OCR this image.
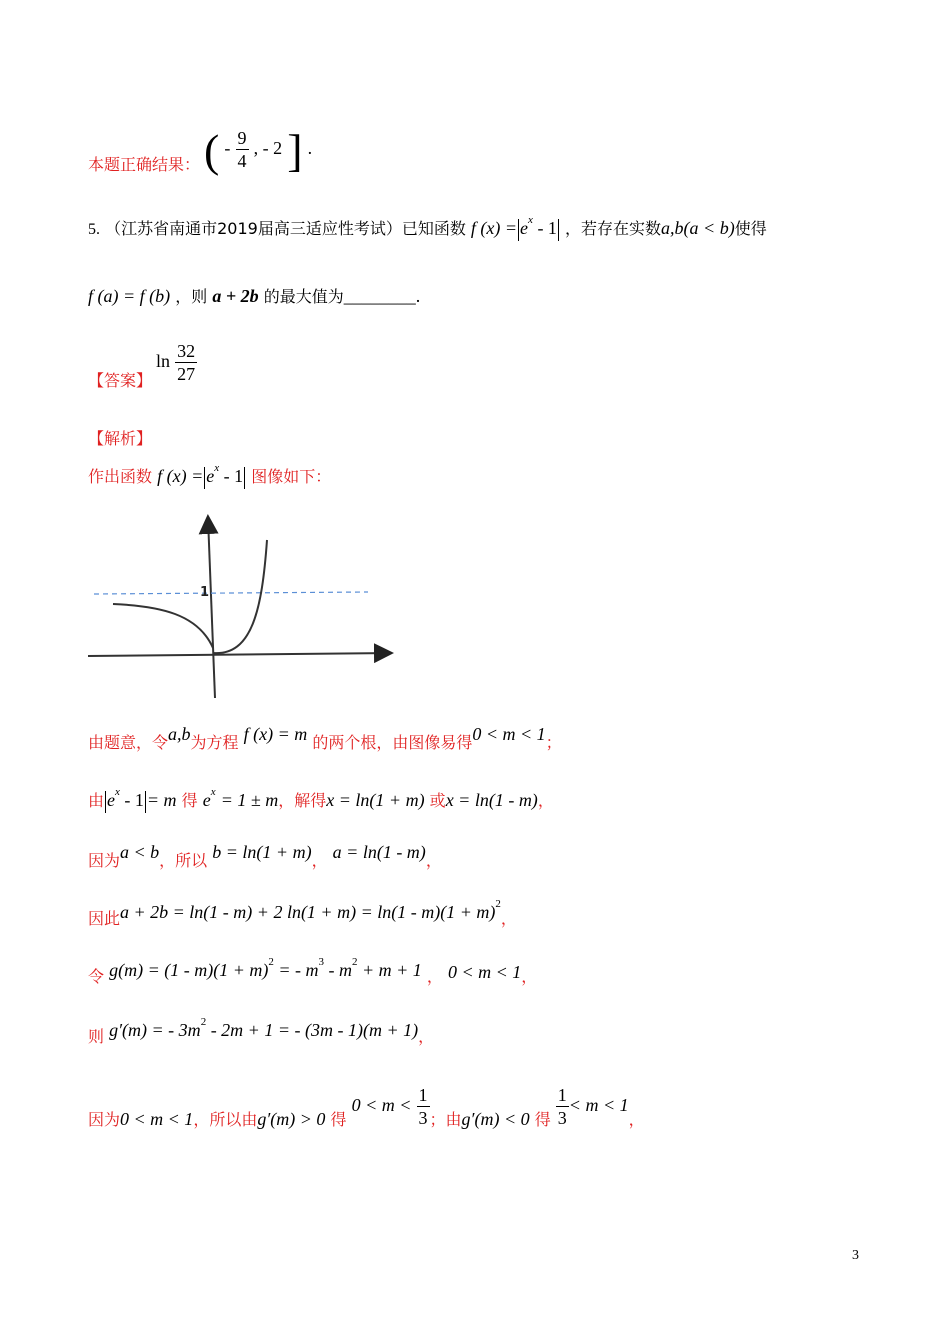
本题正确结果： ( - $\frac{9}{4}$ , - 2 ] .
5. （江苏省南通市2019届高三适应性考试）已知函数 f $(x) = e^x - 1$ ，若存在实数a,b(a < b)使得
f (a) = f (b) ，则 a + 2b 的最大值为________.
【答案】
$\ln \frac{32}{27}$
【解析】
作出函数 f $(x) = e^x - 1$ 图像如下：
1
由题意，令a,b为方程 f (x) = m 的两个根，由图像易得0 < m < 1；
由 $e^x - 1 = m$ 得 $e^x = 1 \pm m$，解得x = ln(1 + m) 或x = ln(1 - m)，
因为a < b，所以 b = ln(1 + m)， a = ln(1 - m)，
因此a + 2b = ln(1 - m) + 2 $\ln(1 + m) = \ln(1 - m)(1 + m)^2$，
令 $g(m) = (1 - m)(1 + m)^2$ = - $m^3 - m^2 + m + 1$ ， 0 < m < 1，
则 g′(m) = - $3m^2 - 2m + 1$ = - (3m - 1)(m + 1)，
因为0 < m < 1，所以由g′(m) > 0 得 $0 < m < \frac{1}{3}$ ；由g′(m) < 0 得 $\frac{1}{3} < m < 1$，
3
